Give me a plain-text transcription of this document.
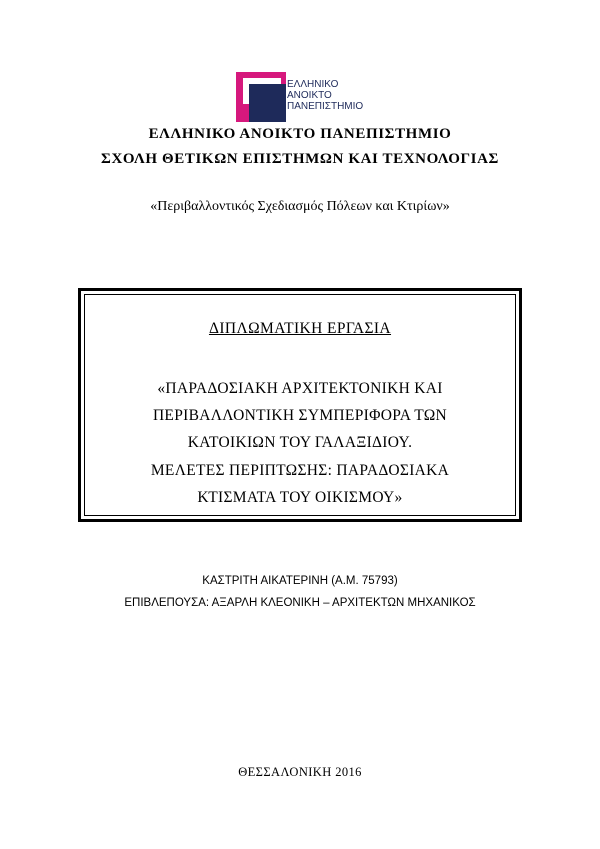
ΕΛΛΗΝΙΚΟ
ΑΝΟΙΚΤΟ
ΠΑΝΕΠΙΣΤΗΜΙΟ
ΕΛΛΗΝΙΚΟ ΑΝΟΙΚΤΟ ΠΑΝΕΠΙΣΤΗΜΙΟ
ΣΧΟΛΗ ΘΕΤΙΚΩΝ ΕΠΙΣΤΗΜΩΝ ΚΑΙ ΤΕΧΝΟΛΟΓΙΑΣ
«Περιβαλλοντικός Σχεδιασμός Πόλεων και Κτιρίων»
ΔΙΠΛΩΜΑΤΙΚΗ ΕΡΓΑΣΙΑ
«ΠΑΡΑΔΟΣΙΑΚΗ ΑΡΧΙΤΕΚΤΟΝΙΚΗ ΚΑΙ
ΠΕΡΙΒΑΛΛΟΝΤΙΚΗ ΣΥΜΠΕΡΙΦΟΡΑ ΤΩΝ
ΚΑΤΟΙΚΙΩΝ ΤΟΥ ΓΑΛΑΞΙΔΙΟΥ.
ΜΕΛΕΤΕΣ ΠΕΡΙΠΤΩΣΗΣ: ΠΑΡΑΔΟΣΙΑΚΑ
ΚΤΙΣΜΑΤΑ ΤΟΥ ΟΙΚΙΣΜΟΥ»
ΚΑΣΤΡΙΤΗ ΑΙΚΑΤΕΡΙΝΗ (Α.Μ. 75793)
ΕΠΙΒΛΕΠΟΥΣΑ: ΑΞΑΡΛΗ ΚΛΕΟΝΙΚΗ – ΑΡΧΙΤΕΚΤΩΝ ΜΗΧΑΝΙΚΟΣ
ΘΕΣΣΑΛΟΝΙΚΗ 2016
